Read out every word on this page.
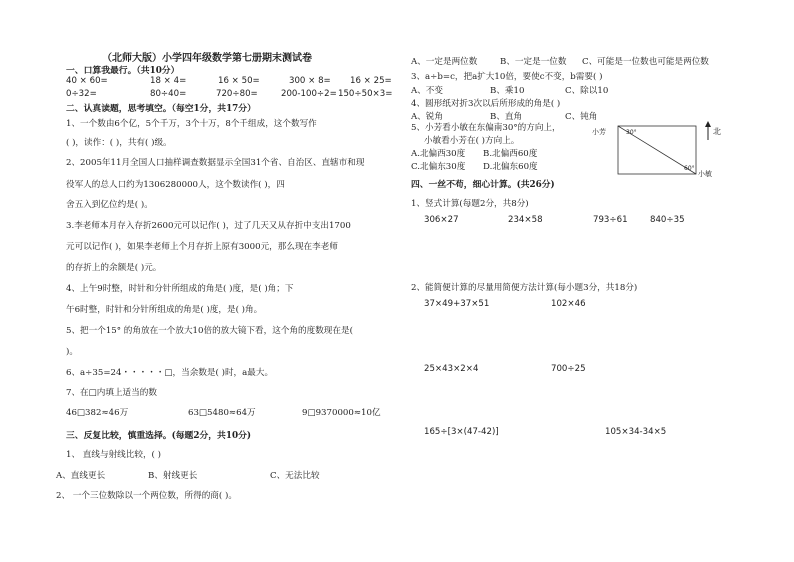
（北师大版）小学四年级数学第七册期末测试卷
一、口算我最行。（共10分）
40 × 60=	18 × 4=	16 × 50=	300 × 8= 16 × 25=
0÷32=	80÷40=	720÷80=	200-100÷2= 150÷50×3=
二、认真读题，思考填空。（每空1分，共17分）
1、一个数由6个亿，5个千万，3个十万，8个千组成，这个数写作
( )，读作：( )，共有( )级。
2、2005年11月全国人口抽样调查数据显示全国31个省、自治区、直辖市和现
役军人的总人口约为1306280000人，这个数读作( )，四
舍五入到亿位约是( )。
3.李老师本月存入存折2600元可以记作( )，过了几天又从存折中支出1700
元可以记作( )，如果李老师上个月存折上原有3000元，那么现在李老师
的存折上的余额是( )元。
4、上午9时整，时针和分针所组成的角是( )度，是( )角；下
午6时整，时针和分针所组成的角是( )度，是( )角。
5、把一个15° 的角放在一个放大10倍的放大镜下看，这个角的度数现在是(
)。
6、a÷35=24・・・・・□，当余数是( )时，a最大。
7、在□内填上适当的数
46□382≈46万	63□5480≈64万	9□9370000≈10亿
三、反复比较，慎重选择。(每题2分，共10分)
1、 直线与射线比较，( )
A、直线更长	B、射线更长	C、无法比较
2、 一个三位数除以一个两位数，所得的商( )。
A、一定是两位数	B、一定是一位数 C、可能是一位数也可能是两位数
3、a÷b=c，把a扩大10倍，要使c不变，b需要( )
A、不变	B、乘10	C、除以10
4、圆形纸对折3次以后所形成的角是( )
A、锐角	B、直角	C、钝角
5、小芳看小敏在东偏南30°的方向上，
小敏看小芳在( )方向上。
A.北偏西30度 B.北偏西60度
C.北偏东30度 D.北偏东60度
30°
60°
小芳
小敏
北
四、一丝不苟，细心计算。(共26分)
1、竖式计算(每题2分，共8分)
306×27	234×58	793÷61	840÷35
2、能简便计算的尽量用简便方法计算(每小题3分，共18分)
37×49+37×51	102×46
25×43×2×4	700÷25
165÷[3×(47-42)]	105×34-34×5
